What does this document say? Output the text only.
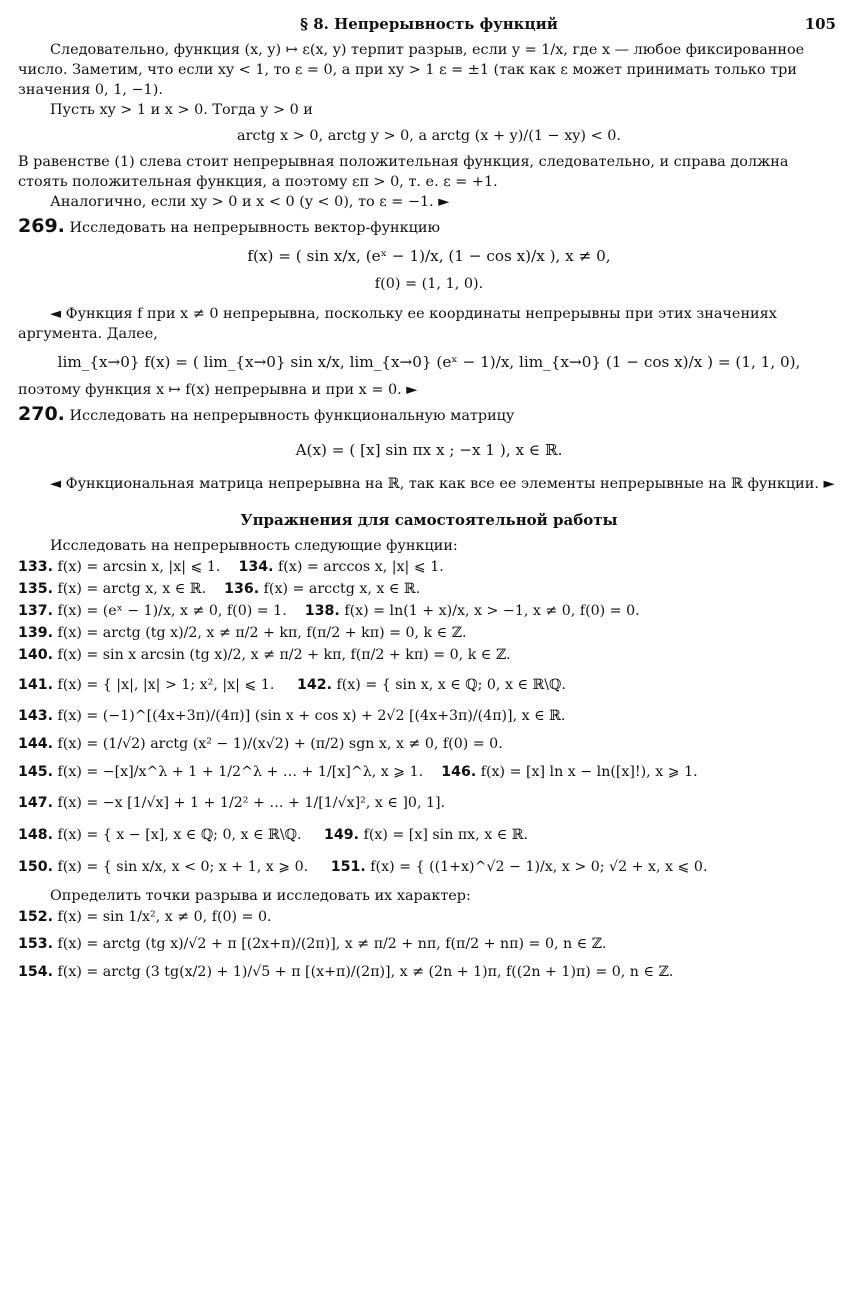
§ 8. Непрерывность функций	105

Следовательно, функция (x, y) ↦ ε(x, y) терпит разрыв, если y = 1/x, где x — любое фиксированное число. Заметим, что если xy < 1, то ε = 0, а при xy > 1 ε = ±1 (так как ε может принимать только три значения 0, 1, −1).

Пусть xy > 1 и x > 0. Тогда y > 0 и

arctg x > 0, arctg y > 0, а arctg (x + y)/(1 − xy) < 0.

В равенстве (1) слева стоит непрерывная положительная функция, следовательно, и справа должна стоять положительная функция, а поэтому επ > 0, т. е. ε = +1.

Аналогично, если xy > 0 и x < 0 (y < 0), то ε = −1. ►

269. Исследовать на непрерывность вектор-функцию

f(x) = ( sin x/x, (eˣ − 1)/x, (1 − cos x)/x ), x ≠ 0,

f(0) = (1, 1, 0).

◄ Функция f при x ≠ 0 непрерывна, поскольку ее координаты непрерывны при этих значениях аргумента. Далее,

lim_{x→0} f(x) = ( lim_{x→0} sin x/x, lim_{x→0} (eˣ − 1)/x, lim_{x→0} (1 − cos x)/x ) = (1, 1, 0),

поэтому функция x ↦ f(x) непрерывна и при x = 0. ►

270. Исследовать на непрерывность функциональную матрицу

A(x) = ( [x] sin πx x ; −x 1 ), x ∈ ℝ.

◄ Функциональная матрица непрерывна на ℝ, так как все ее элементы непрерывные на ℝ функции. ►

Упражнения для самостоятельной работы

Исследовать на непрерывность следующие функции:

133. f(x) = arcsin x, |x| ⩽ 1. 134. f(x) = arccos x, |x| ⩽ 1.

135. f(x) = arctg x, x ∈ ℝ. 136. f(x) = arcctg x, x ∈ ℝ.

137. f(x) = (eˣ − 1)/x, x ≠ 0, f(0) = 1. 138. f(x) = ln(1 + x)/x, x > −1, x ≠ 0, f(0) = 0.

139. f(x) = arctg (tg x)/2, x ≠ π/2 + kπ, f(π/2 + kπ) = 0, k ∈ ℤ.

140. f(x) = sin x arcsin (tg x)/2, x ≠ π/2 + kπ, f(π/2 + kπ) = 0, k ∈ ℤ.

141. f(x) = { |x|, |x| > 1; x², |x| ⩽ 1. 142. f(x) = { sin x, x ∈ ℚ; 0, x ∈ ℝ\ℚ.

143. f(x) = (−1)^[(4x+3π)/(4π)] (sin x + cos x) + 2√2 [(4x+3π)/(4π)], x ∈ ℝ.

144. f(x) = (1/√2) arctg (x² − 1)/(x√2) + (π/2) sgn x, x ≠ 0, f(0) = 0.

145. f(x) = −[x]/x^λ + 1 + 1/2^λ + … + 1/[x]^λ, x ⩾ 1. 146. f(x) = [x] ln x − ln([x]!), x ⩾ 1.

147. f(x) = −x [1/√x] + 1 + 1/2² + … + 1/[1/√x]², x ∈ ]0, 1].

148. f(x) = { x − [x], x ∈ ℚ; 0, x ∈ ℝ\ℚ. 149. f(x) = [x] sin πx, x ∈ ℝ.

150. f(x) = { sin x/x, x < 0; x + 1, x ⩾ 0. 151. f(x) = { ((1+x)^√2 − 1)/x, x > 0; √2 + x, x ⩽ 0.

Определить точки разрыва и исследовать их характер:

152. f(x) = sin 1/x², x ≠ 0, f(0) = 0.

153. f(x) = arctg (tg x)/√2 + π [(2x+π)/(2π)], x ≠ π/2 + nπ, f(π/2 + nπ) = 0, n ∈ ℤ.

154. f(x) = arctg (3 tg(x/2) + 1)/√5 + π [(x+π)/(2π)], x ≠ (2n + 1)π, f((2n + 1)π) = 0, n ∈ ℤ.
